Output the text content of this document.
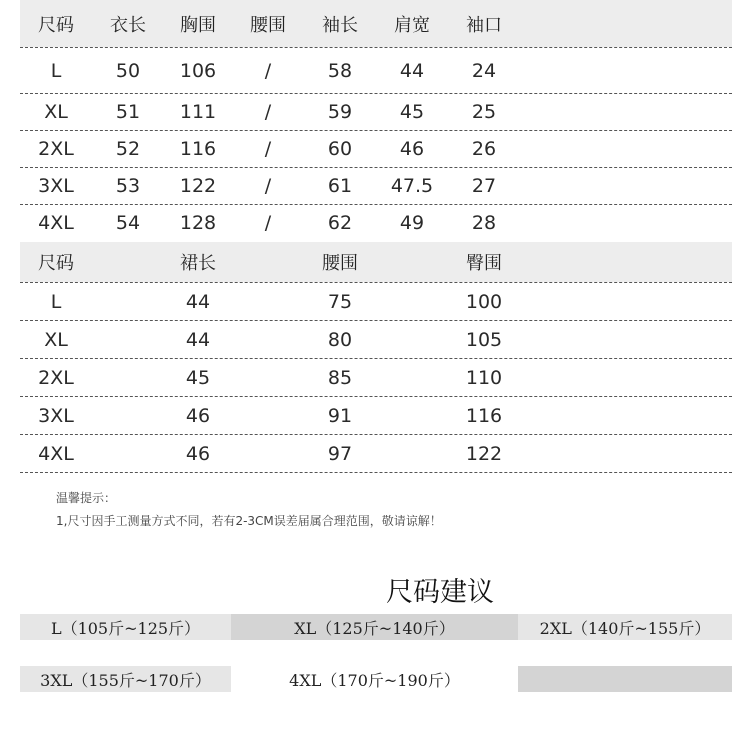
尺码	衣长	胸围	腰围	袖长	肩宽	袖口
L	50	106	/	58	44	24
XL	51	111	/	59	45	25
2XL	52	116	/	60	46	26
3XL	53	122	/	61	47.5	27
4XL	54	128	/	62	49	28
尺码	裙长	腰围	臀围
L	44	75	100
XL	44	80	105
2XL	45	85	110
3XL	46	91	116
4XL	46	97	122
温馨提示：
1,尺寸因手工测量方式不同，若有2-3CM误差届属合理范围，敬请谅解！
尺码建议
L（105斤~125斤）	XL（125斤~140斤）	2XL（140斤~155斤）
3XL（155斤~170斤）	4XL（170斤~190斤）
